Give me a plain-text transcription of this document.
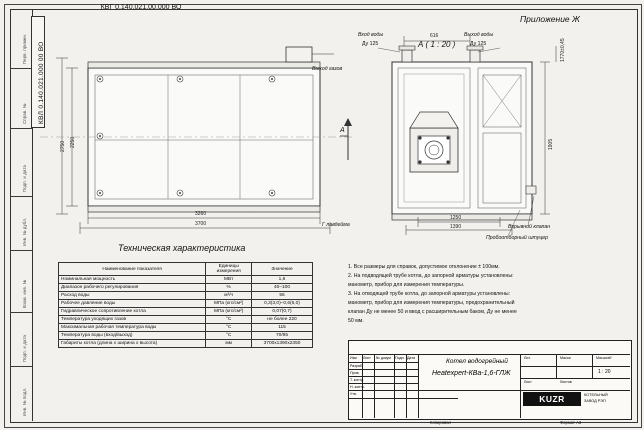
Перв. примен.
Справ. №
Подп. и дата
Инв. № дубл.
Взам. инв. №
Подп. и дата
Инв. № подл.
КВЛ 0.140.021.000 00 ВО
Приложение Ж
А ( 1 : 20 )
Выход газов
3260
3700
2250
2750
А
Г лавдейма
Вход воды
Ду 125
Выход воды
Ду 125
616
1250
1390
1770±0,45
1905
Взрывной клапан
Пробоотборный штуцер
Техническая характеристика
Наименование показателя	Единицы измерения	Значение
Номинальная мощность	МВт	1,6
Диапазон рабочего регулирования	%	40–100
Расход воды	м³/ч	56
Рабочее давление воды	МПа (кгс/см²)	0,3(3,0)–0,6(6,0)
Гидравлическое сопротивление котла	МПа (кгс/см²)	0,07(0,7)
Температура уходящих газов	°С	не более 220
Максимальная рабочая температура воды	°С	115
Температура воды (вход/выход)	°С	70/95
Габариты котла (длина х ширина х высота)	мм	3700х1390х2350
1. Все размеры для справок, допустимое отклонение ± 100мм.
2. На подводящей трубе котла, до запорной арматуры установлены:
манометр, прибор для измерения температуры.
3. На отводящей трубе котла, до запорной арматуры установлены:
манометр, прибор для измерения температуры, предохранительный
клапан Ду не менее 50 и ввод с расширительным баком, Ду не менее
50 мм.
КВГ 0.140.021.00.000 ВО
Изм Лист № докум Подп. Дата
Разраб.
Пров.
Т. контр.
Н. контр.
Утв.
Котел водогрейный
Heatexpert-КВа-1,6-ГЛЖ
Лит.	Масса	Масштаб
1 : 20
Лист	Листов
KUZR	КОТЕЛЬНЫЙ
ЗАВОД РЭП
Формат А3
Копировал
